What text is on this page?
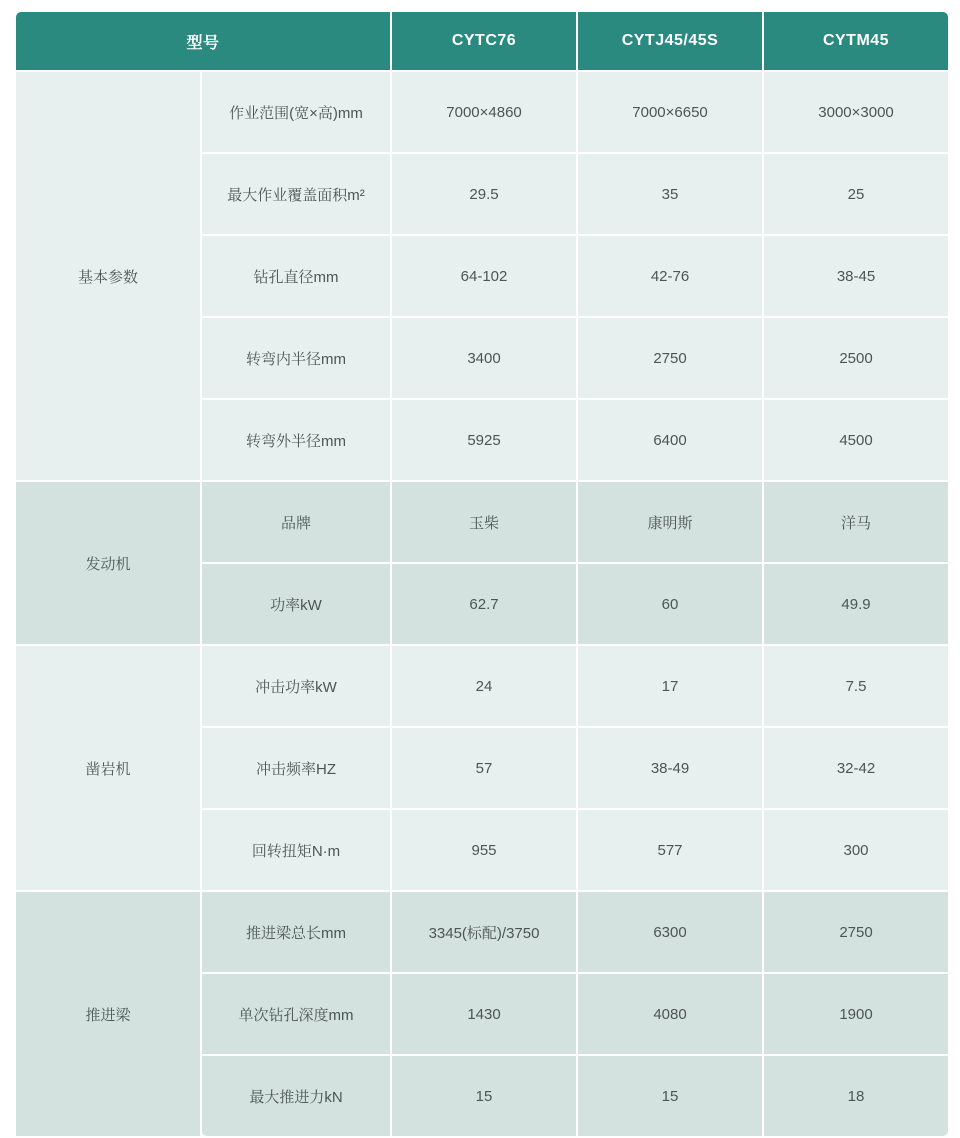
型号		CYTC76	CYTJ45/45S	CYTM45
基本参数	作业范围(宽×高)mm	7000×4860	7000×6650	3000×3000
	最大作业覆盖面积m²	29.5	35	25
	钻孔直径mm	64-102	42-76	38-45
	转弯内半径mm	3400	2750	2500
	转弯外半径mm	5925	6400	4500
发动机	品牌	玉柴	康明斯	洋马
	功率kW	62.7	60	49.9
凿岩机	冲击功率kW	24	17	7.5
	冲击频率HZ	57	38-49	32-42
	回转扭矩N·m	955	577	300
推进梁	推进梁总长mm	3345(标配)/3750	6300	2750
	单次钻孔深度mm	1430	4080	1900
	最大推进力kN	15	15	18
